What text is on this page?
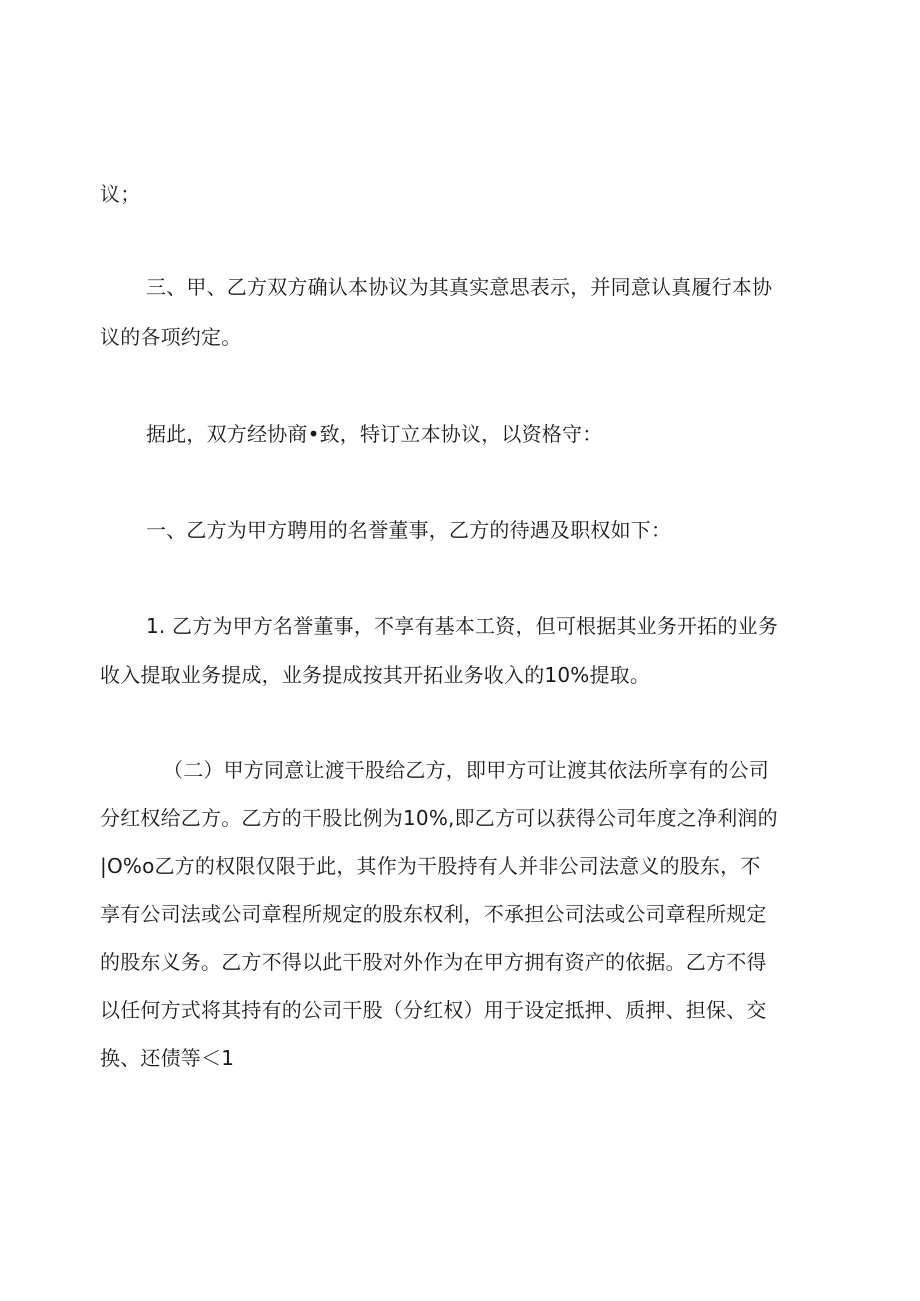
议；
三、甲、乙方双方确认本协议为其真实意思表示，并同意认真履行本协
议的各项约定。
据此，双方经协商•致，特订立本协议，以资格守：
一、乙方为甲方聘用的名誉董事，乙方的待遇及职权如下：
1. 乙方为甲方名誉董事，不享有基本工资，但可根据其业务开拓的业务
收入提取业务提成，业务提成按其开拓业务收入的10%提取。
（二）甲方同意让渡干股给乙方，即甲方可让渡其依法所享有的公司
分红权给乙方。乙方的干股比例为10%,即乙方可以获得公司年度之净利润的
|O%o乙方的权限仅限于此，其作为干股持有人并非公司法意义的股东，不
享有公司法或公司章程所规定的股东权利，不承担公司法或公司章程所规定
的股东义务。乙方不得以此干股对外作为在甲方拥有资产的依据。乙方不得
以任何方式将其持有的公司干股（分红权）用于设定抵押、质押、担保、交
换、还债等＜1
